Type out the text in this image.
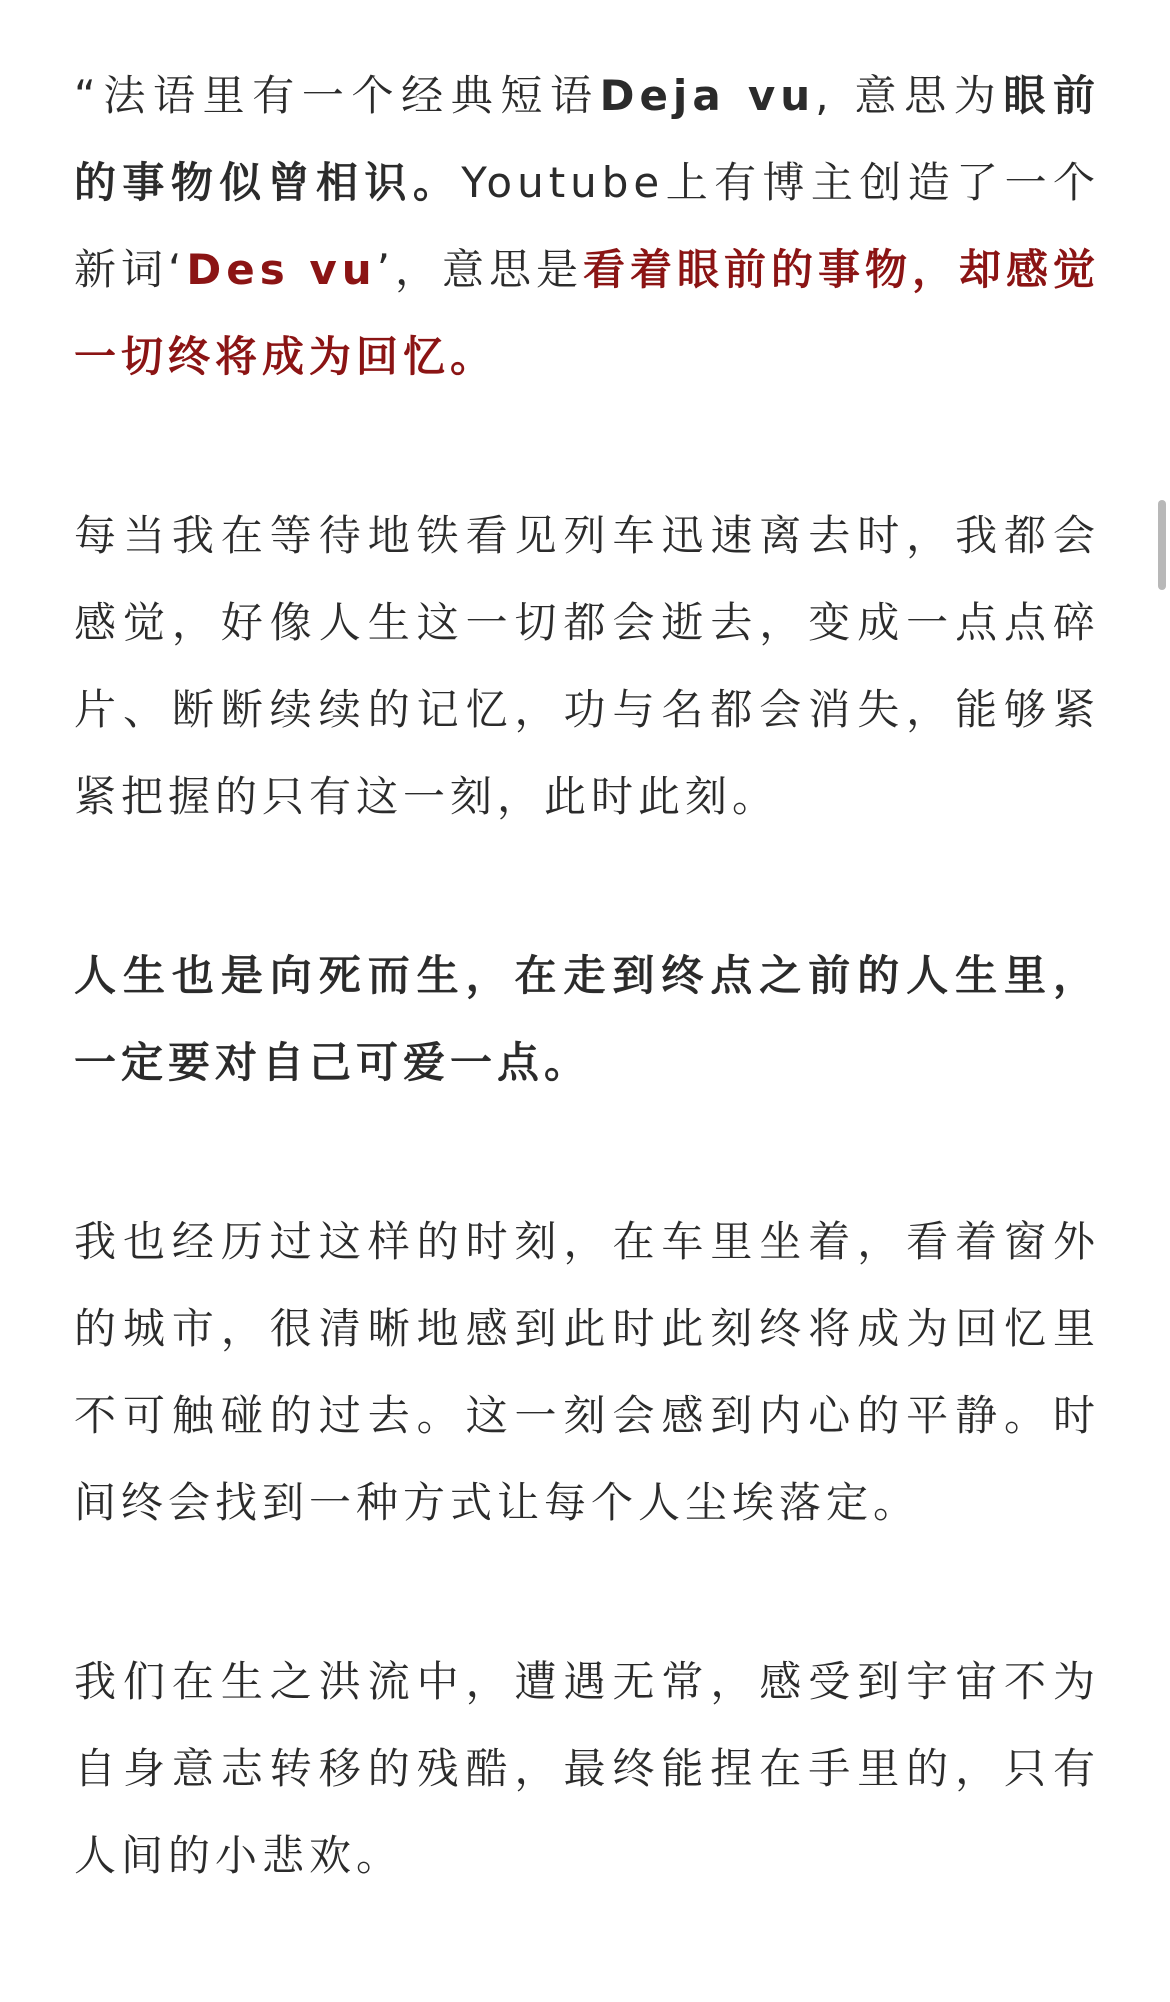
“法语里有一个经典短语Deja vu, 意思为眼前的事物似曾相识。Youtube上有博主创造了一个新词‘Des vu’，意思是看着眼前的事物，却感觉一切终将成为回忆。

每当我在等待地铁看见列车迅速离去时，我都会感觉，好像人生这一切都会逝去，变成一点点碎片、断断续续的记忆，功与名都会消失，能够紧紧把握的只有这一刻，此时此刻。

人生也是向死而生，在走到终点之前的人生里，一定要对自己可爱一点。

我也经历过这样的时刻，在车里坐着，看着窗外的城市，很清晰地感到此时此刻终将成为回忆里不可触碰的过去。这一刻会感到内心的平静。时间终会找到一种方式让每个人尘埃落定。

我们在生之洪流中，遭遇无常，感受到宇宙不为自身意志转移的残酷，最终能捏在手里的，只有人间的小悲欢。
